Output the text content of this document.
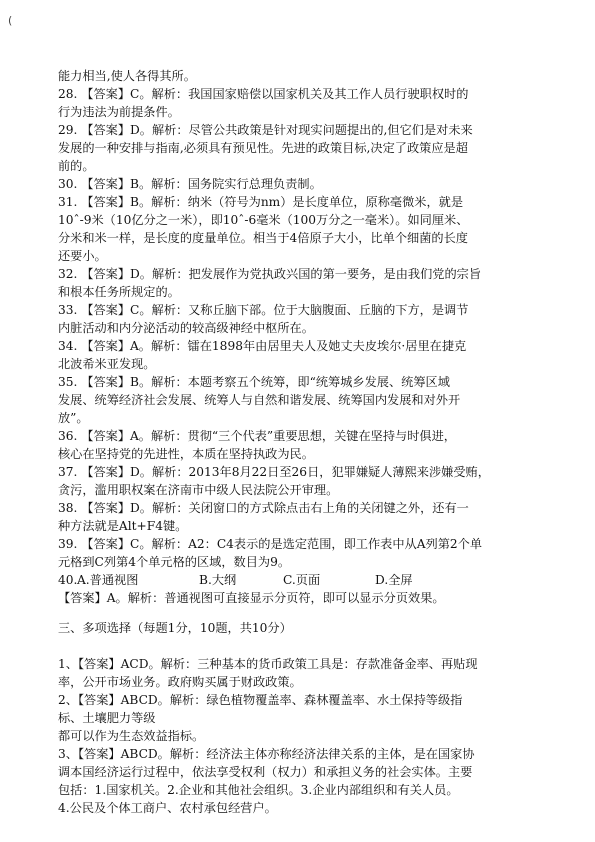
(
能力相当,使人各得其所。
28. 【答案】C。解析：我国国家赔偿以国家机关及其工作人员行驶职权时的
行为违法为前提条件。
29. 【答案】D。解析：尽管公共政策是针对现实问题提出的,但它们是对未来
发展的一种安排与指南,必须具有预见性。先进的政策目标,决定了政策应是超
前的。
30. 【答案】B。解析：国务院实行总理负责制。
31. 【答案】B。解析：纳米（符号为nm）是长度单位，原称毫微米，就是
10ˆ-9米（10亿分之一米），即10ˆ-6毫米（100万分之一毫米）。如同厘米、
分米和米一样，是长度的度量单位。相当于4倍原子大小，比单个细菌的长度
还要小。
32. 【答案】D。解析：把发展作为党执政兴国的第一要务，是由我们党的宗旨
和根本任务所规定的。
33. 【答案】C。解析：又称丘脑下部。位于大脑腹面、丘脑的下方，是调节
内脏活动和内分泌活动的较高级神经中枢所在。
34. 【答案】A。解析：镭在1898年由居里夫人及她丈夫皮埃尔·居里在捷克
北波希米亚发现。
35. 【答案】B。解析：本题考察五个统筹，即“统筹城乡发展、统筹区域
发展、统筹经济社会发展、统筹人与自然和谐发展、统筹国内发展和对外开
放”。
36. 【答案】A。解析：贯彻“三个代表”重要思想，关键在坚持与时俱进，
核心在坚持党的先进性，本质在坚持执政为民。
37. 【答案】D。解析：2013年8月22日至26日，犯罪嫌疑人薄熙来涉嫌受贿，
贪污，滥用职权案在济南市中级人民法院公开审理。
38. 【答案】D。解析：关闭窗口的方式除点击右上角的关闭键之外，还有一
种方法就是Alt+F4键。
39. 【答案】C。解析：A2：C4表示的是选定范围，即工作表中从A列第2个单
元格到C列第4个单元格的区域，数目为9。
40. A.普通视图	B.大纲	C.页面	D.全屏
【答案】A。解析：普通视图可直接显示分页符，即可以显示分页效果。
三、多项选择（每题1分，10题，共10分）
1、【答案】ACD。解析：三种基本的货币政策工具是：存款准备金率、再贴现
率，公开市场业务。政府购买属于财政政策。
2、【答案】ABCD。解析：绿色植物覆盖率、森林覆盖率、水土保持等级指
标、土壤肥力等级
都可以作为生态效益指标。
3、【答案】ABCD。解析：经济法主体亦称经济法律关系的主体，是在国家协
调本国经济运行过程中，依法享受权利（权力）和承担义务的社会实体。主要
包括：1.国家机关。2.企业和其他社会组织。3.企业内部组织和有关人员。
4.公民及个体工商户、农村承包经营户。
